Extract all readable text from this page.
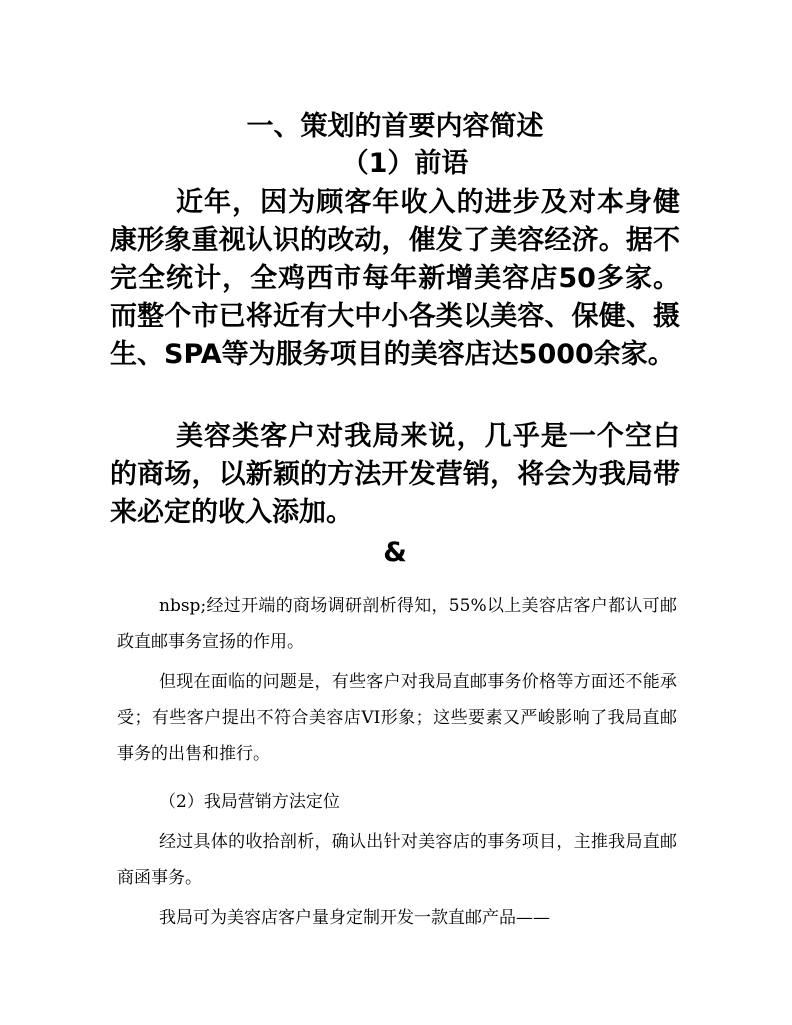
一、策划的首要内容简述

（1）前语

近年，因为顾客年收入的进步及对本身健康形象重视认识的改动，催发了美容经济。据不完全统计，全鸡西市每年新增美容店50多家。而整个市已将近有大中小各类以美容、保健、摄生、SPA等为服务项目的美容店达5000余家。

美容类客户对我局来说，几乎是一个空白的商场，以新颖的方法开发营销，将会为我局带来必定的收入添加。

&

nbsp;经过开端的商场调研剖析得知，55%以上美容店客户都认可邮政直邮事务宣扬的作用。

但现在面临的问题是，有些客户对我局直邮事务价格等方面还不能承受；有些客户提出不符合美容店VI形象；这些要素又严峻影响了我局直邮事务的出售和推行。

（2）我局营销方法定位

经过具体的收拾剖析，确认出针对美容店的事务项目，主推我局直邮商函事务。

我局可为美容店客户量身定制开发一款直邮产品——
